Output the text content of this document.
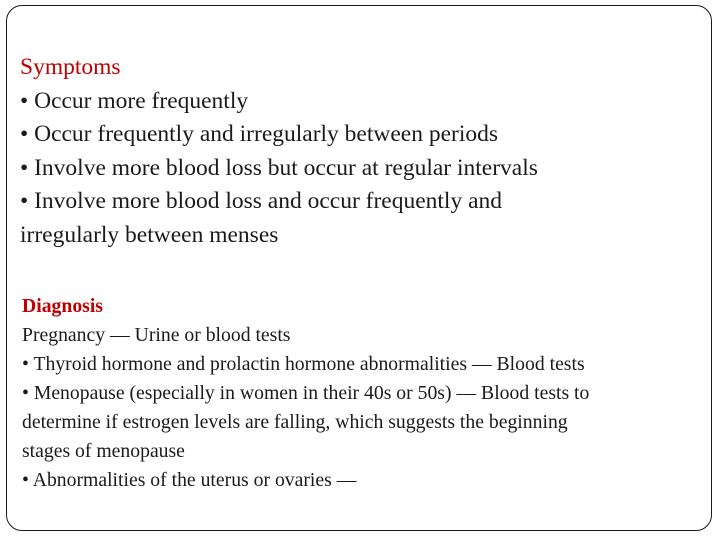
Symptoms
• Occur more frequently
• Occur frequently and irregularly between periods
• Involve more blood loss but occur at regular intervals
• Involve more blood loss and occur frequently and
irregularly between menses
Diagnosis
Pregnancy — Urine or blood tests
• Thyroid hormone and prolactin hormone abnormalities — Blood tests
• Menopause (especially in women in their 40s or 50s) — Blood tests to
determine if estrogen levels are falling, which suggests the beginning
stages of menopause
• Abnormalities of the uterus or ovaries —
